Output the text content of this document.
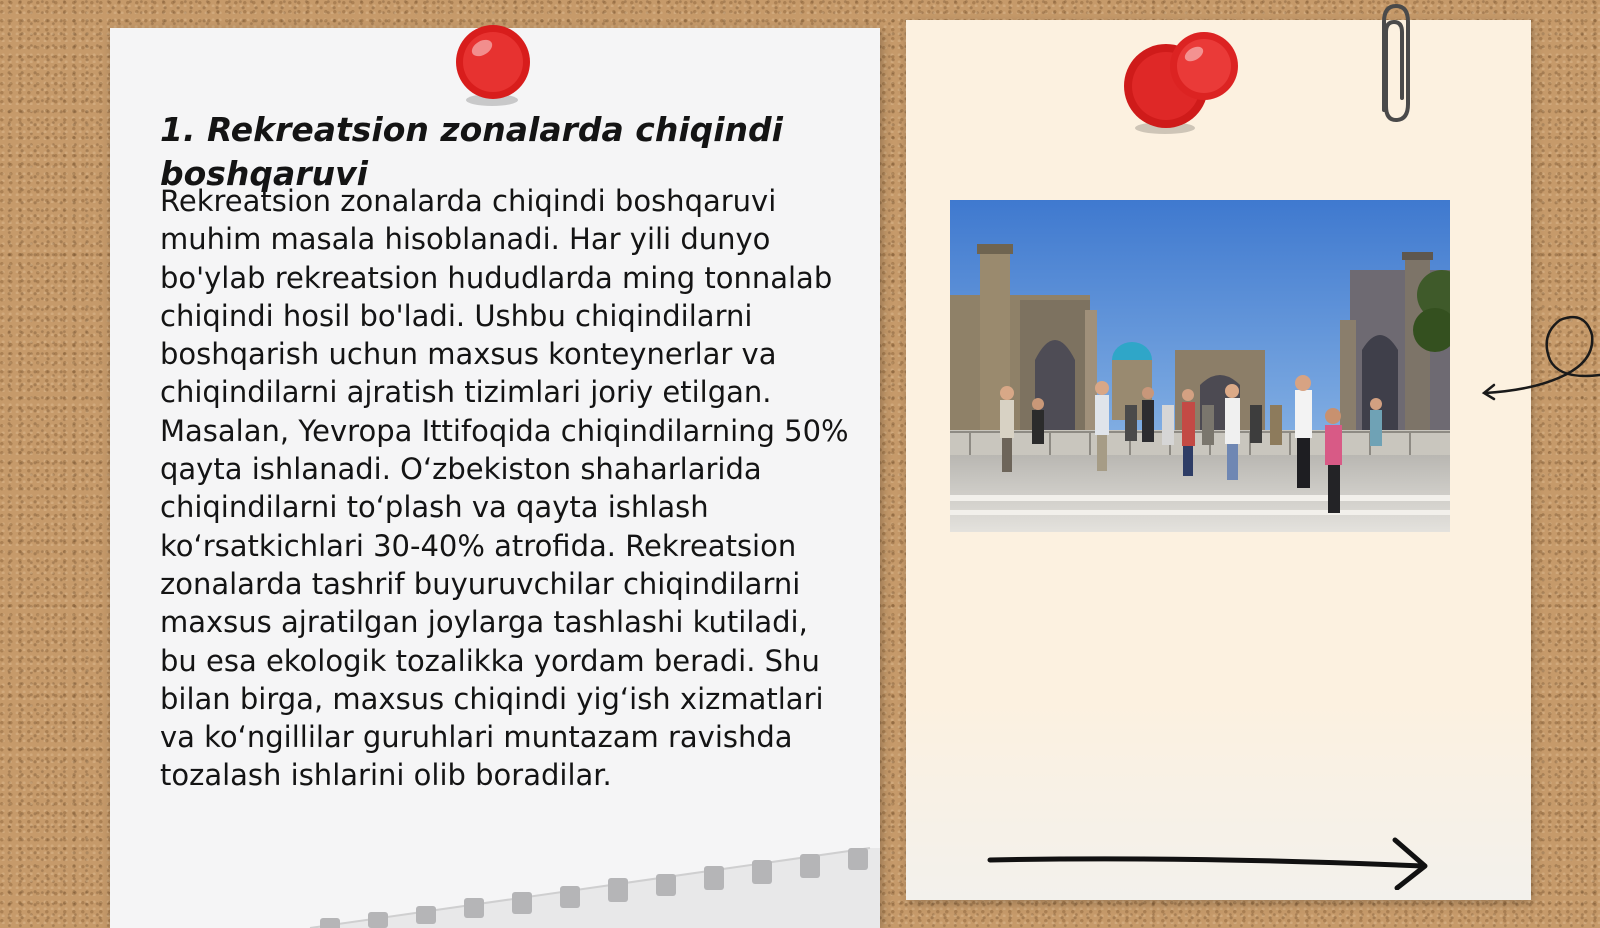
1. Rekreatsion zonalarda chiqindi boshqaruvi

Rekreatsion zonalarda chiqindi boshqaruvi muhim masala hisoblanadi. Har yili dunyo bo'ylab rekreatsion hududlarda ming tonnalab chiqindi hosil bo'ladi. Ushbu chiqindilarni boshqarish uchun maxsus konteynerlar va chiqindilarni ajratish tizimlari joriy etilgan. Masalan, Yevropa Ittifoqida chiqindilarning 50% qayta ishlanadi. O‘zbekiston shaharlarida chiqindilarni to‘plash va qayta ishlash ko‘rsatkichlari 30-40% atrofida. Rekreatsion zonalarda tashrif buyuruvchilar chiqindilarni maxsus ajratilgan joylarga tashlashi kutiladi, bu esa ekologik tozalikka yordam beradi. Shu bilan birga, maxsus chiqindi yig‘ish xizmatlari va ko‘ngillilar guruhlari muntazam ravishda tozalash ishlarini olib boradilar.
